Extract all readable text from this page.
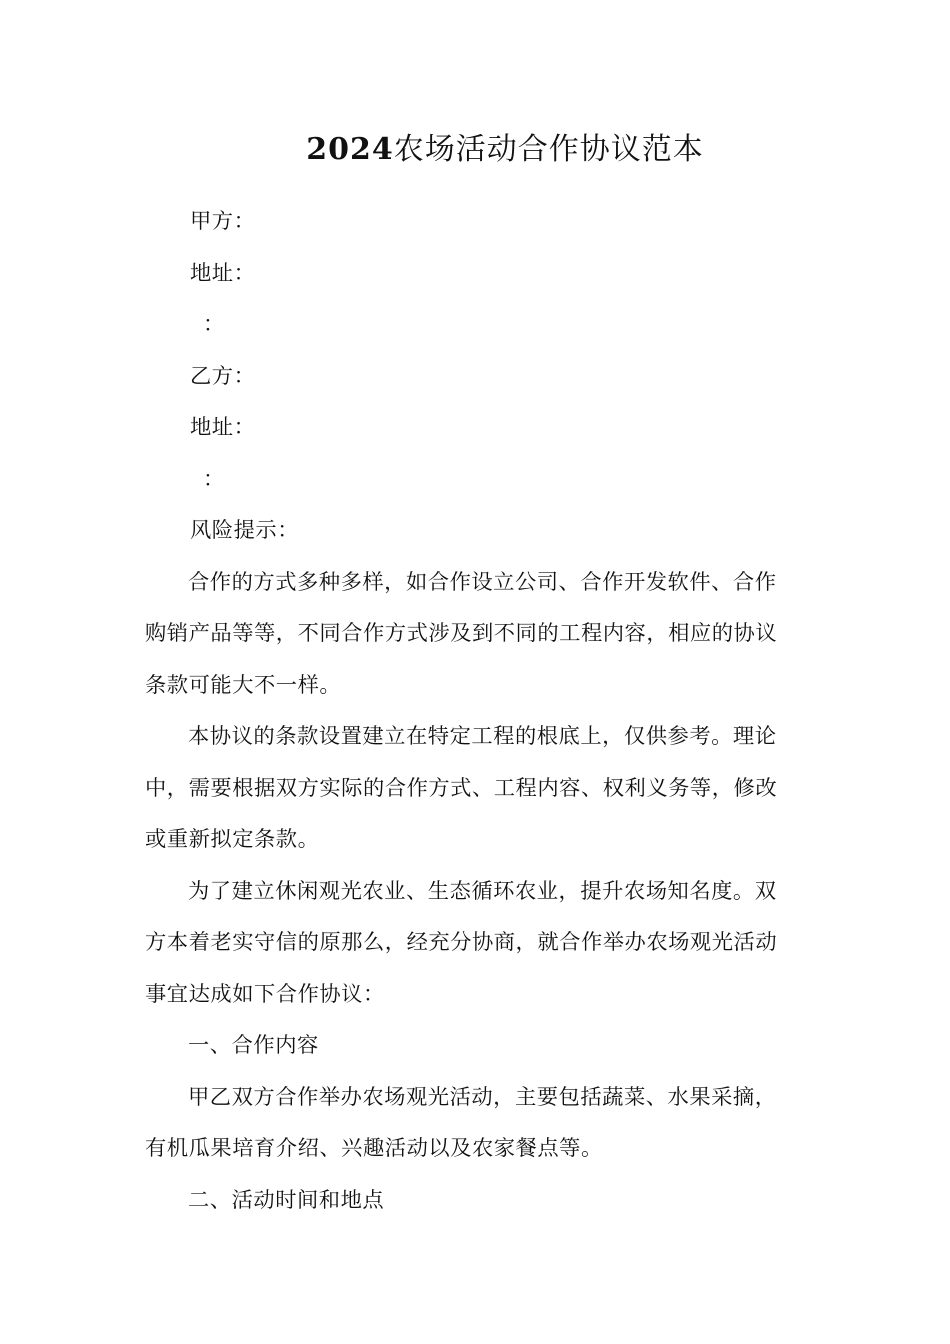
2024农场活动合作协议范本

甲方：

地址：

：

乙方：

地址：

：

风险提示：

合作的方式多种多样，如合作设立公司、合作开发软件、合作购销产品等等，不同合作方式涉及到不同的工程内容，相应的协议条款可能大不一样。

本协议的条款设置建立在特定工程的根底上，仅供参考。理论中，需要根据双方实际的合作方式、工程内容、权利义务等，修改或重新拟定条款。

为了建立休闲观光农业、生态循环农业，提升农场知名度。双方本着老实守信的原那么，经充分协商，就合作举办农场观光活动事宜达成如下合作协议：

一、合作内容

甲乙双方合作举办农场观光活动，主要包括蔬菜、水果采摘，有机瓜果培育介绍、兴趣活动以及农家餐点等。

二、活动时间和地点
